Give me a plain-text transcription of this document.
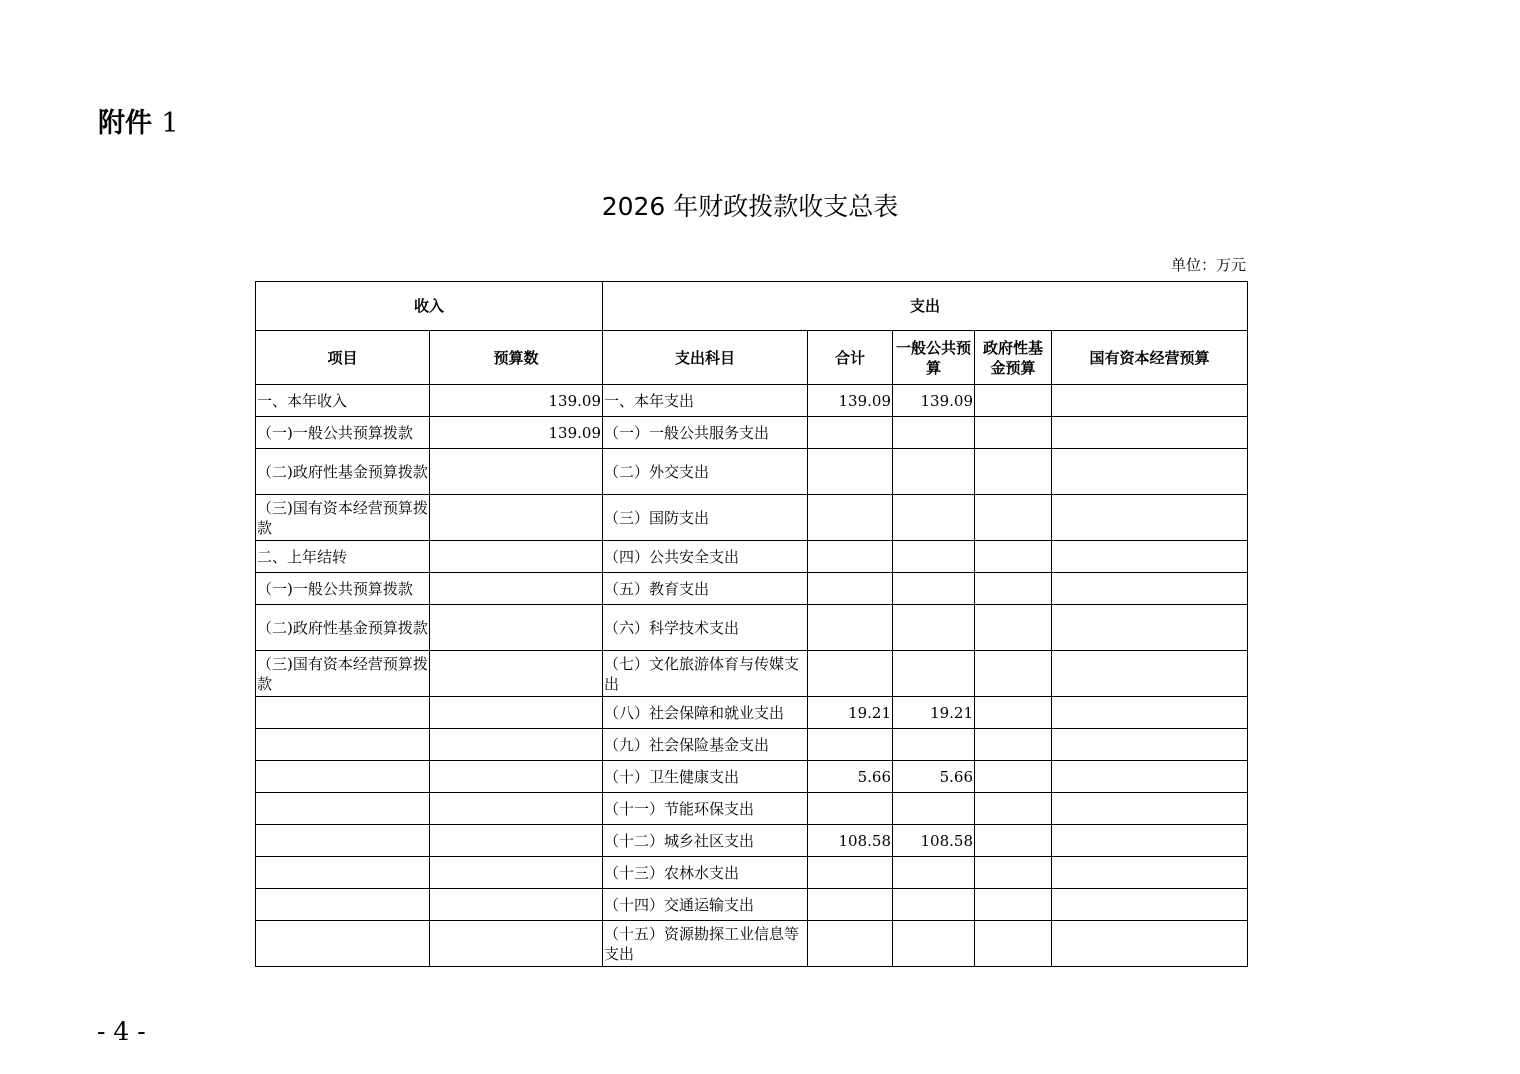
附件 1
2026 年财政拨款收支总表
单位：万元
收入		支出				
项目	预算数	支出科目	合计	一般公共预算	政府性基金预算	国有资本经营预算
一、本年收入	139.09	一、本年支出	139.09	139.09		
（一)一般公共预算拨款	139.09	（一）一般公共服务支出				
（二)政府性基金预算拨款		（二）外交支出				
（三)国有资本经营预算拨款		（三）国防支出				
二、上年结转		（四）公共安全支出				
（一)一般公共预算拨款		（五）教育支出				
（二)政府性基金预算拨款		（六）科学技术支出				
（三)国有资本经营预算拨款		（七）文化旅游体育与传媒支出				
		（八）社会保障和就业支出	19.21	19.21		
		（九）社会保险基金支出				
		（十）卫生健康支出	5.66	5.66		
		（十一）节能环保支出				
		（十二）城乡社区支出	108.58	108.58		
		（十三）农林水支出				
		（十四）交通运输支出				
		（十五）资源勘探工业信息等支出				
- 4 -
